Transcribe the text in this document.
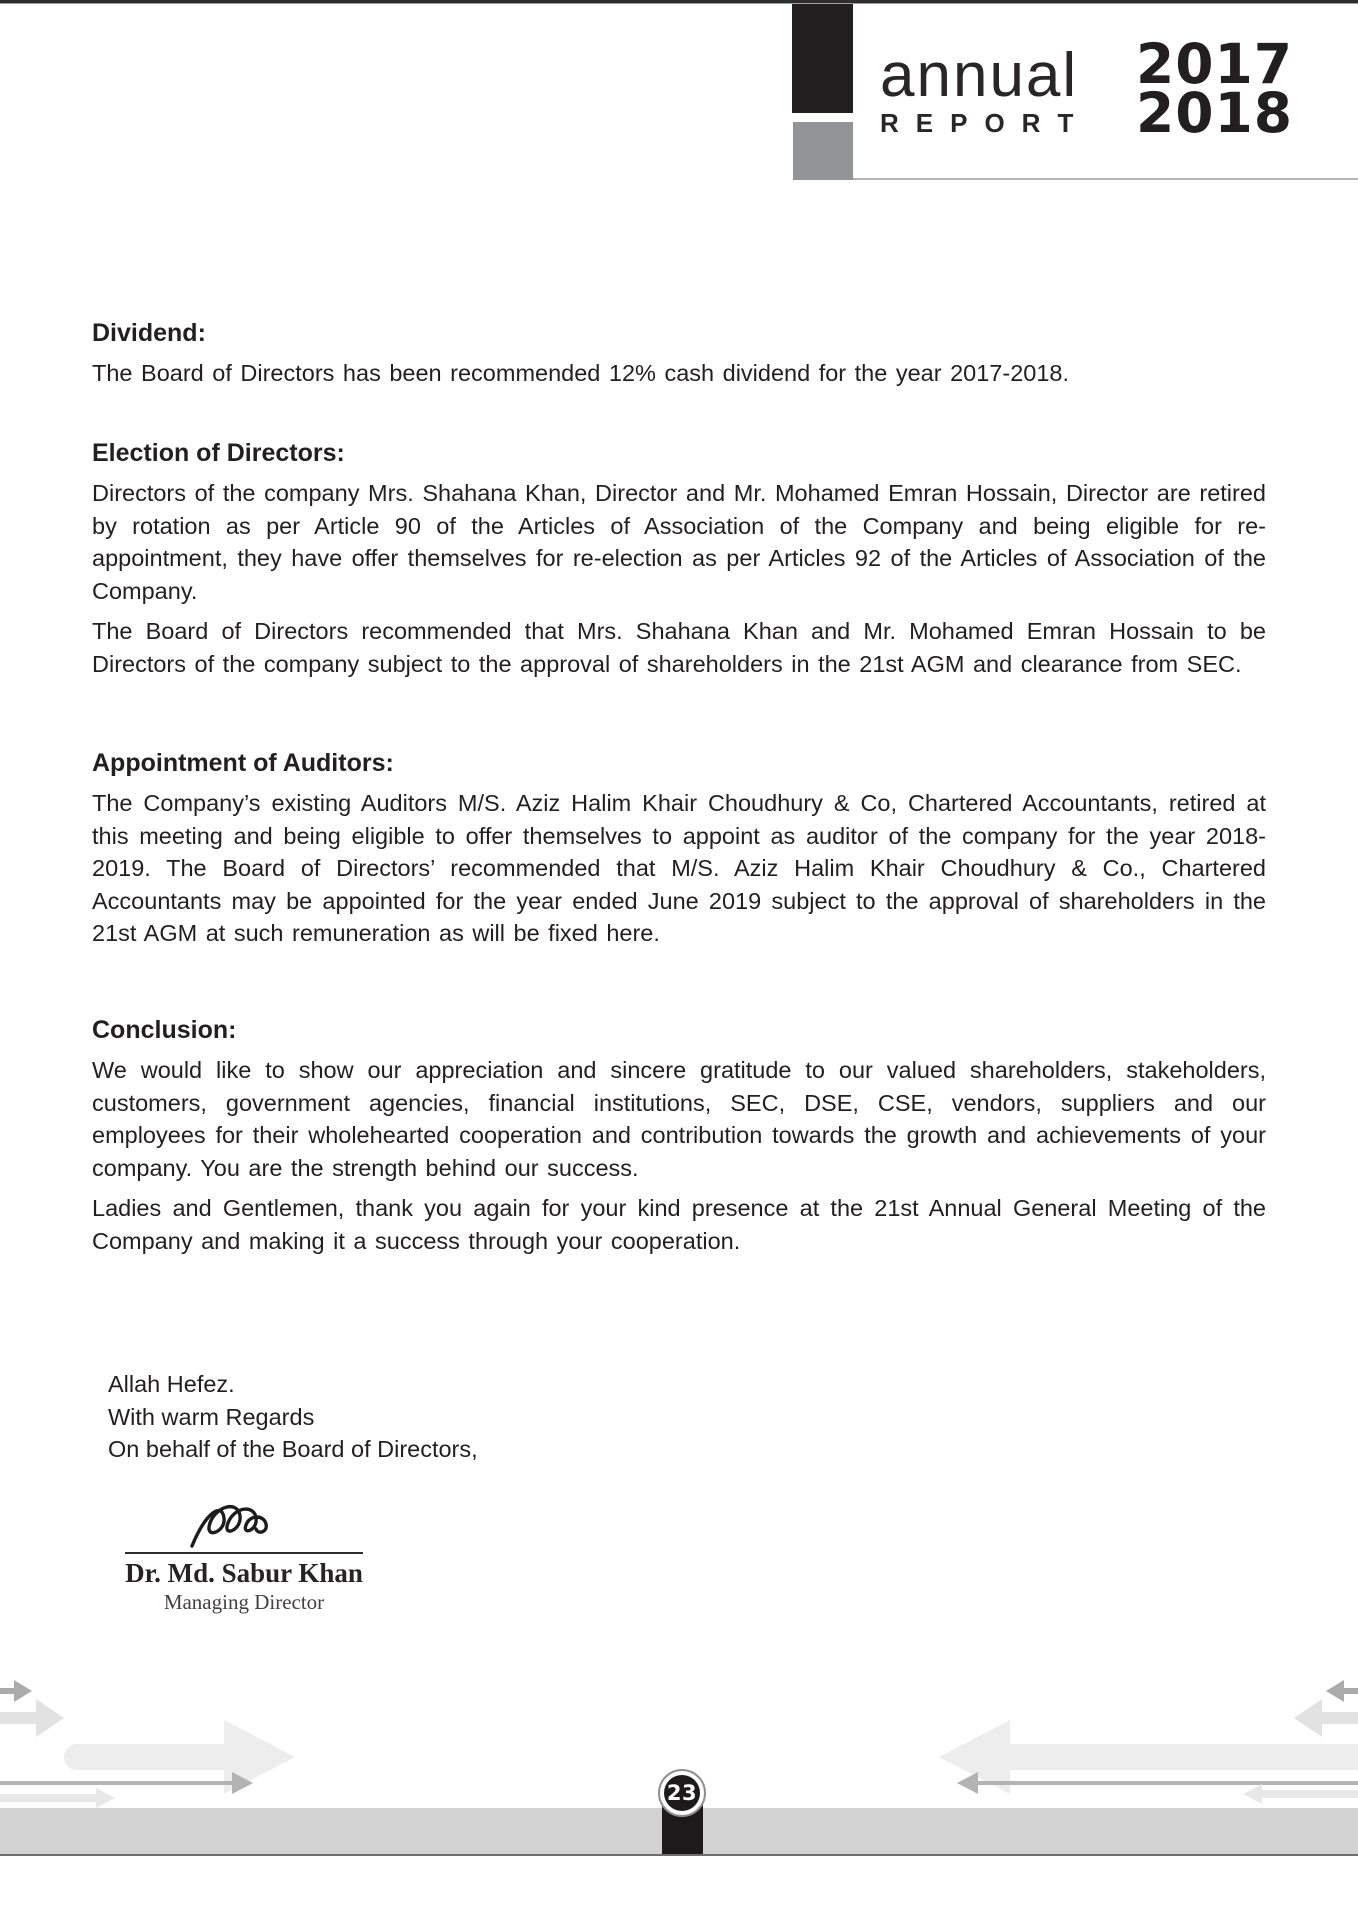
annual
REPORT
2017
2018
Dividend:

The Board of Directors has been recommended 12% cash dividend for the year 2017-2018.

Election of Directors:

Directors of the company Mrs. Shahana Khan, Director and Mr. Mohamed Emran Hossain, Director are retired by rotation as per Article 90 of the Articles of Association of the Company and being eligible for re-appointment, they have offer themselves for re-election as per Articles 92 of the Articles of Association of the Company.

The Board of Directors recommended that Mrs. Shahana Khan and Mr. Mohamed Emran Hossain to be Directors of the company subject to the approval of shareholders in the 21st AGM and clearance from SEC.

Appointment of Auditors:

The Company’s existing Auditors M/S. Aziz Halim Khair Choudhury & Co, Chartered Accountants, retired at this meeting and being eligible to offer themselves to appoint as auditor of the company for the year 2018-2019. The Board of Directors’ recommended that M/S. Aziz Halim Khair Choudhury & Co., Chartered Accountants may be appointed for the year ended June 2019 subject to the approval of shareholders in the 21st AGM at such remuneration as will be fixed here.

Conclusion:

We would like to show our appreciation and sincere gratitude to our valued shareholders, stakeholders, customers, government agencies, financial institutions, SEC, DSE, CSE, vendors, suppliers and our employees for their wholehearted cooperation and contribution towards the growth and achievements of your company. You are the strength behind our success.

Ladies and Gentlemen, thank you again for your kind presence at the 21st Annual General Meeting of the Company and making it a success through your cooperation.

Allah Hefez.
With warm Regards
On behalf of the Board of Directors,
Dr. Md. Sabur Khan
Managing Director
23
